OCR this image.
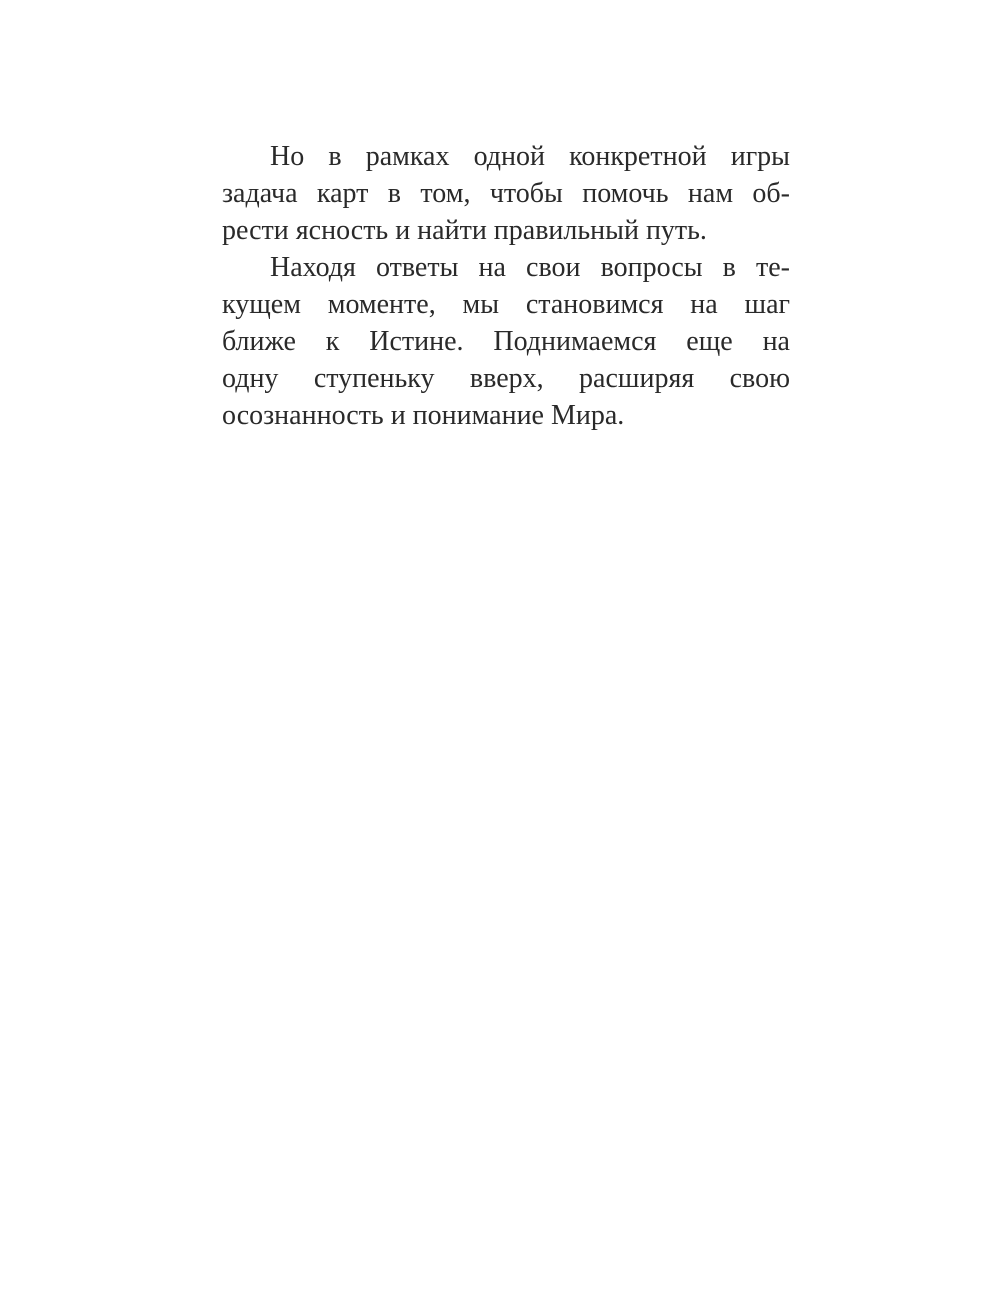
Но в рамках одной конкретной игры
задача карт в том, чтобы помочь нам об-
рести ясность и найти правильный путь.

Находя ответы на свои вопросы в те-
кущем моменте, мы становимся на шаг
ближе к Истине. Поднимаемся еще на
одну ступеньку вверх, расширяя свою
осознанность и понимание Мира.
